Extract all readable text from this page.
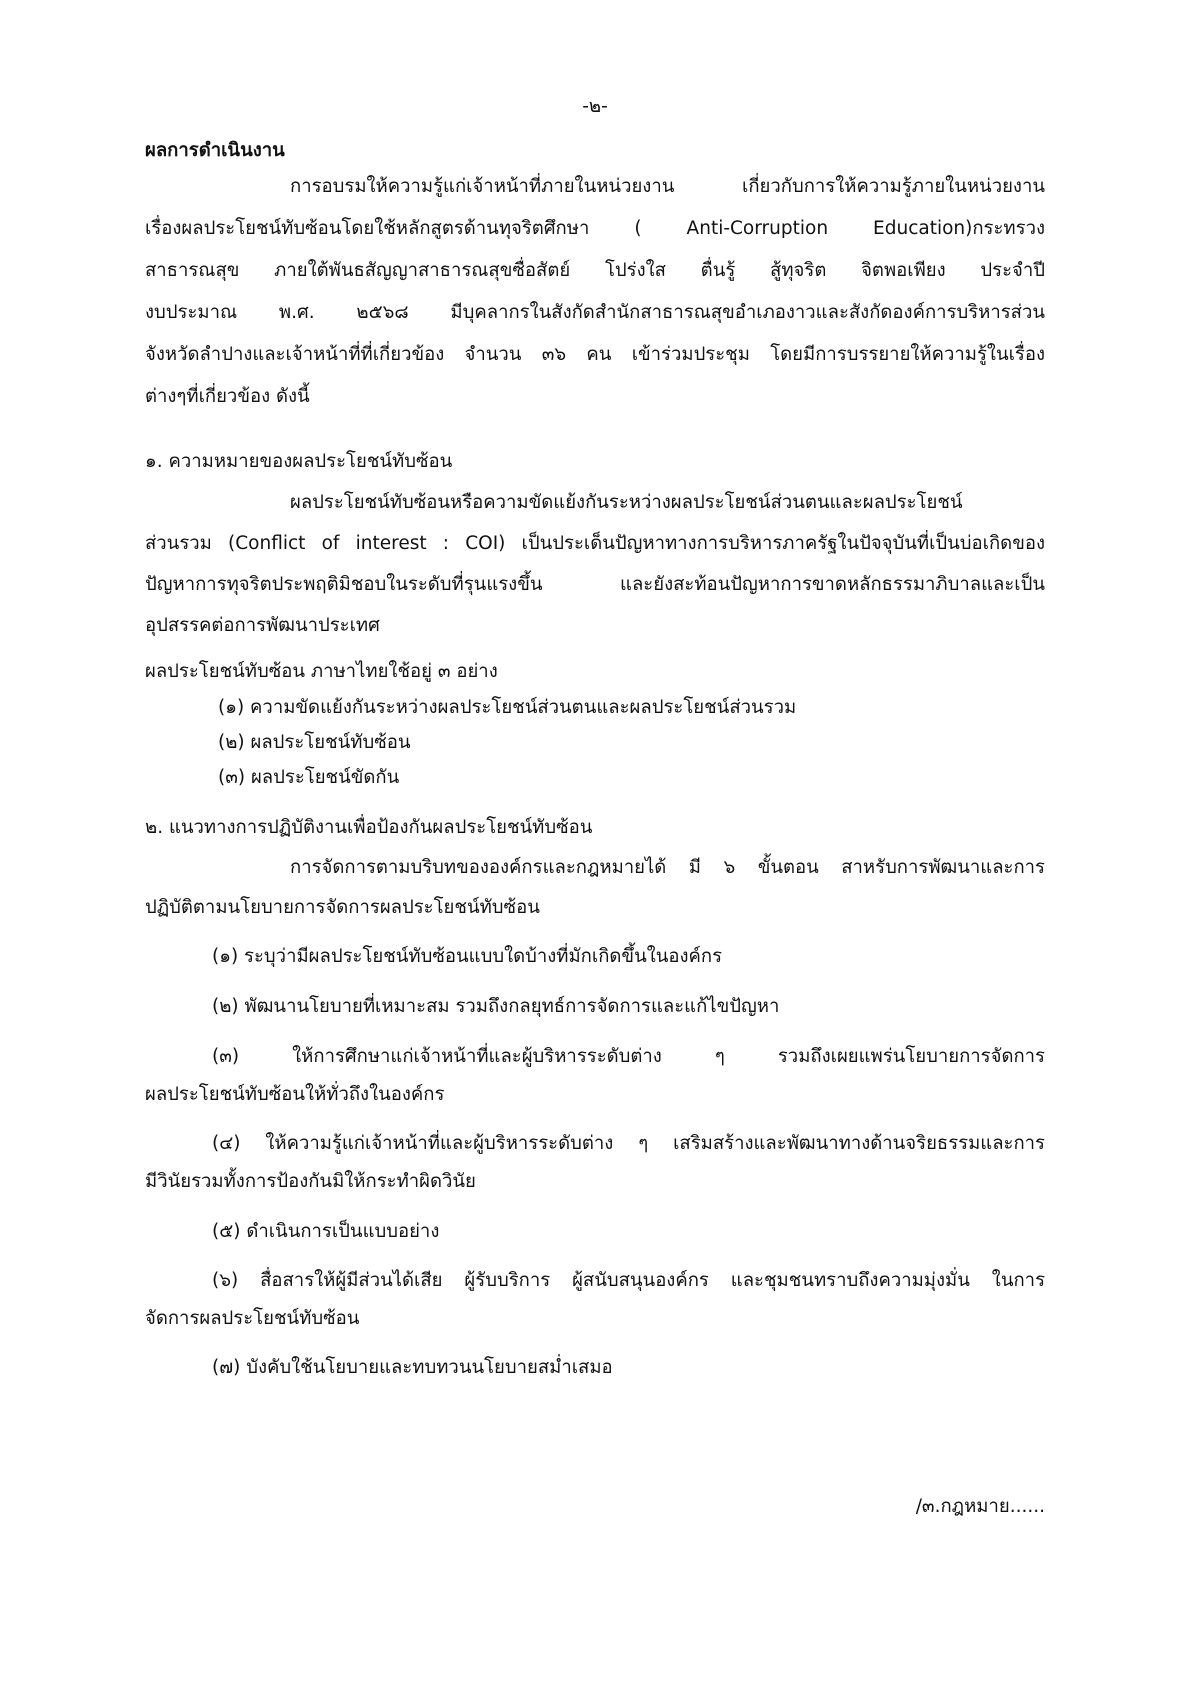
-๒-
ผลการดำเนินงาน
การอบรมให้ความรู้แก่เจ้าหน้าที่ภายในหน่วยงาน เกี่ยวกับการให้ความรู้ภายในหน่วยงาน
เรื่องผลประโยชน์ทับซ้อนโดยใช้หลักสูตรด้านทุจริตศึกษา ( Anti-Corruption Education)กระทรวง
สาธารณสุข ภายใต้พันธสัญญาสาธารณสุขซื่อสัตย์ โปร่งใส ตื่นรู้ สู้ทุจริต จิตพอเพียง ประจำปี
งบประมาณ พ.ศ. ๒๕๖๘ มีบุคลากรในสังกัดสำนักสาธารณสุขอำเภองาวและสังกัดองค์การบริหารส่วน
จังหวัดลำปางและเจ้าหน้าที่ที่เกี่ยวข้อง จำนวน ๓๖ คน เข้าร่วมประชุม โดยมีการบรรยายให้ความรู้ในเรื่อง
ต่างๆที่เกี่ยวข้อง ดังนี้
๑. ความหมายของผลประโยชน์ทับซ้อน
ผลประโยชน์ทับซ้อนหรือความขัดแย้งกันระหว่างผลประโยชน์ส่วนตนและผลประโยชน์
ส่วนรวม (Conflict of interest : COI) เป็นประเด็นปัญหาทางการบริหารภาครัฐในปัจจุบันที่เป็นบ่อเกิดของ
ปัญหาการทุจริตประพฤติมิชอบในระดับที่รุนแรงขึ้น และยังสะท้อนปัญหาการขาดหลักธรรมาภิบาลและเป็น
อุปสรรคต่อการพัฒนาประเทศ
ผลประโยชน์ทับซ้อน ภาษาไทยใช้อยู่ ๓ อย่าง
(๑) ความขัดแย้งกันระหว่างผลประโยชน์ส่วนตนและผลประโยชน์ส่วนรวม
(๒) ผลประโยชน์ทับซ้อน
(๓) ผลประโยชน์ขัดกัน
๒. แนวทางการปฏิบัติงานเพื่อป้องกันผลประโยชน์ทับซ้อน
การจัดการตามบริบทขององค์กรและกฎหมายได้ มี ๖ ขั้นตอน สาหรับการพัฒนาและการ
ปฏิบัติตามนโยบายการจัดการผลประโยชน์ทับซ้อน
(๑) ระบุว่ามีผลประโยชน์ทับซ้อนแบบใดบ้างที่มักเกิดขึ้นในองค์กร
(๒) พัฒนานโยบายที่เหมาะสม รวมถึงกลยุทธ์การจัดการและแก้ไขปัญหา
(๓) ให้การศึกษาแก่เจ้าหน้าที่และผู้บริหารระดับต่าง ๆ รวมถึงเผยแพร่นโยบายการจัดการ
ผลประโยชน์ทับซ้อนให้ทั่วถึงในองค์กร
(๔) ให้ความรู้แก่เจ้าหน้าที่และผู้บริหารระดับต่าง ๆ เสริมสร้างและพัฒนาทางด้านจริยธรรมและการ
มีวินัยรวมทั้งการป้องกันมิให้กระทำผิดวินัย
(๕) ดำเนินการเป็นแบบอย่าง
(๖) สื่อสารให้ผู้มีส่วนได้เสีย ผู้รับบริการ ผู้สนับสนุนองค์กร และชุมชนทราบถึงความมุ่งมั่น ในการ
จัดการผลประโยชน์ทับซ้อน
(๗) บังคับใช้นโยบายและทบทวนนโยบายสม่ำเสมอ
/๓.กฎหมาย......
